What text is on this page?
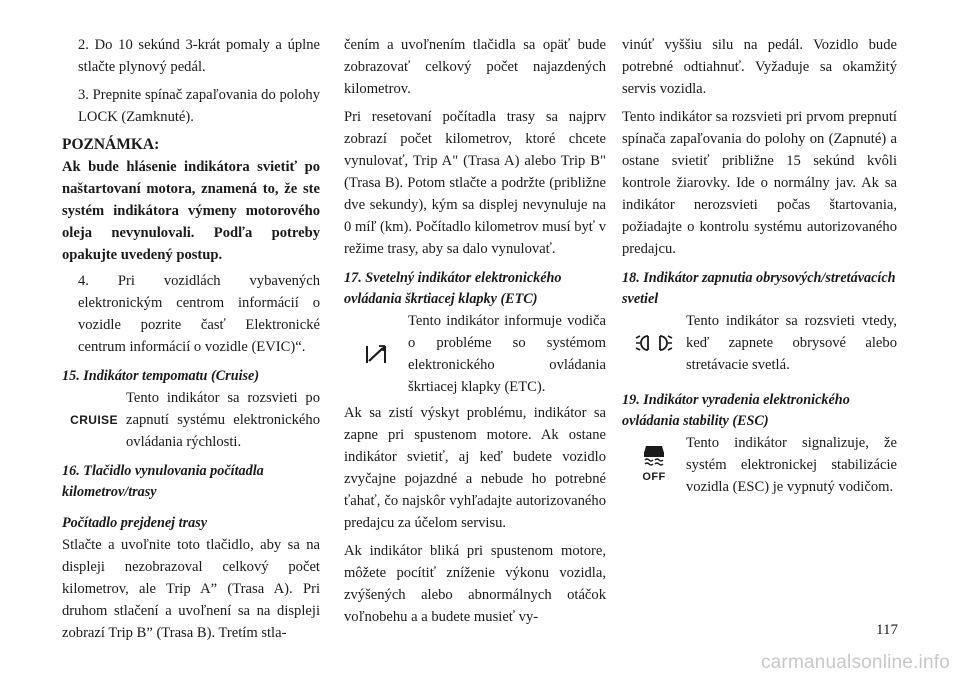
2. Do 10 sekúnd 3-krát pomaly a úplne stlačte plynový pedál.

3. Prepnite spínač zapaľovania do polohy LOCK (Zamknuté).

POZNÁMKA:

Ak bude hlásenie indikátora svietiť po naštartovaní motora, znamená to, že ste systém indikátora výmeny motorového oleja nevynulovali. Podľa potreby opakujte uvedený postup.

4. Pri vozidlách vybavených elektronickým centrom informácií o vozidle pozrite časť Elektronické centrum informácií o vozidle (EVIC)“.

15. Indikátor tempomatu (Cruise)
CRUISE
Tento indikátor sa rozsvieti po zapnutí systému elektronického ovládania rýchlosti.
16. Tlačidlo vynulovania počítadla kilometrov/trasy
Počítadlo prejdenej trasy

Stlačte a uvoľnite toto tlačidlo, aby sa na displeji nezobrazoval celkový počet kilometrov, ale Trip A” (Trasa A). Pri druhom stlačení a uvoľnení sa na displeji zobrazí Trip B” (Trasa B). Tretím stla-

čením a uvoľnením tlačidla sa opäť bude zobrazovať celkový počet najazdených kilometrov.

Pri resetovaní počítadla trasy sa najprv zobrazí počet kilometrov, ktoré chcete vynulovať, Trip A" (Trasa A) alebo Trip B" (Trasa B). Potom stlačte a podržte (približne dve sekundy), kým sa displej nevynuluje na 0 míľ (km). Počítadlo kilometrov musí byť v režime trasy, aby sa dalo vynulovať.

17. Svetelný indikátor elektronického ovládania škrtiacej klapky (ETC)
Tento indikátor informuje vodiča o probléme so systémom elektronického ovládania škrtiacej klapky (ETC).

Ak sa zistí výskyt problému, indikátor sa zapne pri spustenom motore. Ak ostane indikátor svietiť, aj keď budete vozidlo zvyčajne pojazdné a nebude ho potrebné ťahať, čo najskôr vyhľadajte autorizovaného predajcu za účelom servisu.

Ak indikátor bliká pri spustenom motore, môžete pocítiť zníženie výkonu vozidla, zvýšených alebo abnormálnych otáčok voľnobehu a a budete musieť vy-

vinúť vyššiu silu na pedál. Vozidlo bude potrebné odtiahnuť. Vyžaduje sa okamžitý servis vozidla.

Tento indikátor sa rozsvieti pri prvom prepnutí spínača zapaľovania do polohy on (Zapnuté) a ostane svietiť približne 15 sekúnd kvôli kontrole žiarovky. Ide o normálny jav. Ak sa indikátor nerozsvieti počas štartovania, požiadajte o kontrolu systému autorizovaného predajcu.

18. Indikátor zapnutia obrysových/stretávacích svetiel
Tento indikátor sa rozsvieti vtedy, keď zapnete obrysové alebo stretávacie svetlá.
19. Indikátor vyradenia elektronického ovládania stability (ESC)
OFF
Tento indikátor signalizuje, že systém elektronickej stabilizácie vozidla (ESC) je vypnutý vodičom.
117
carmanualsonline.info
